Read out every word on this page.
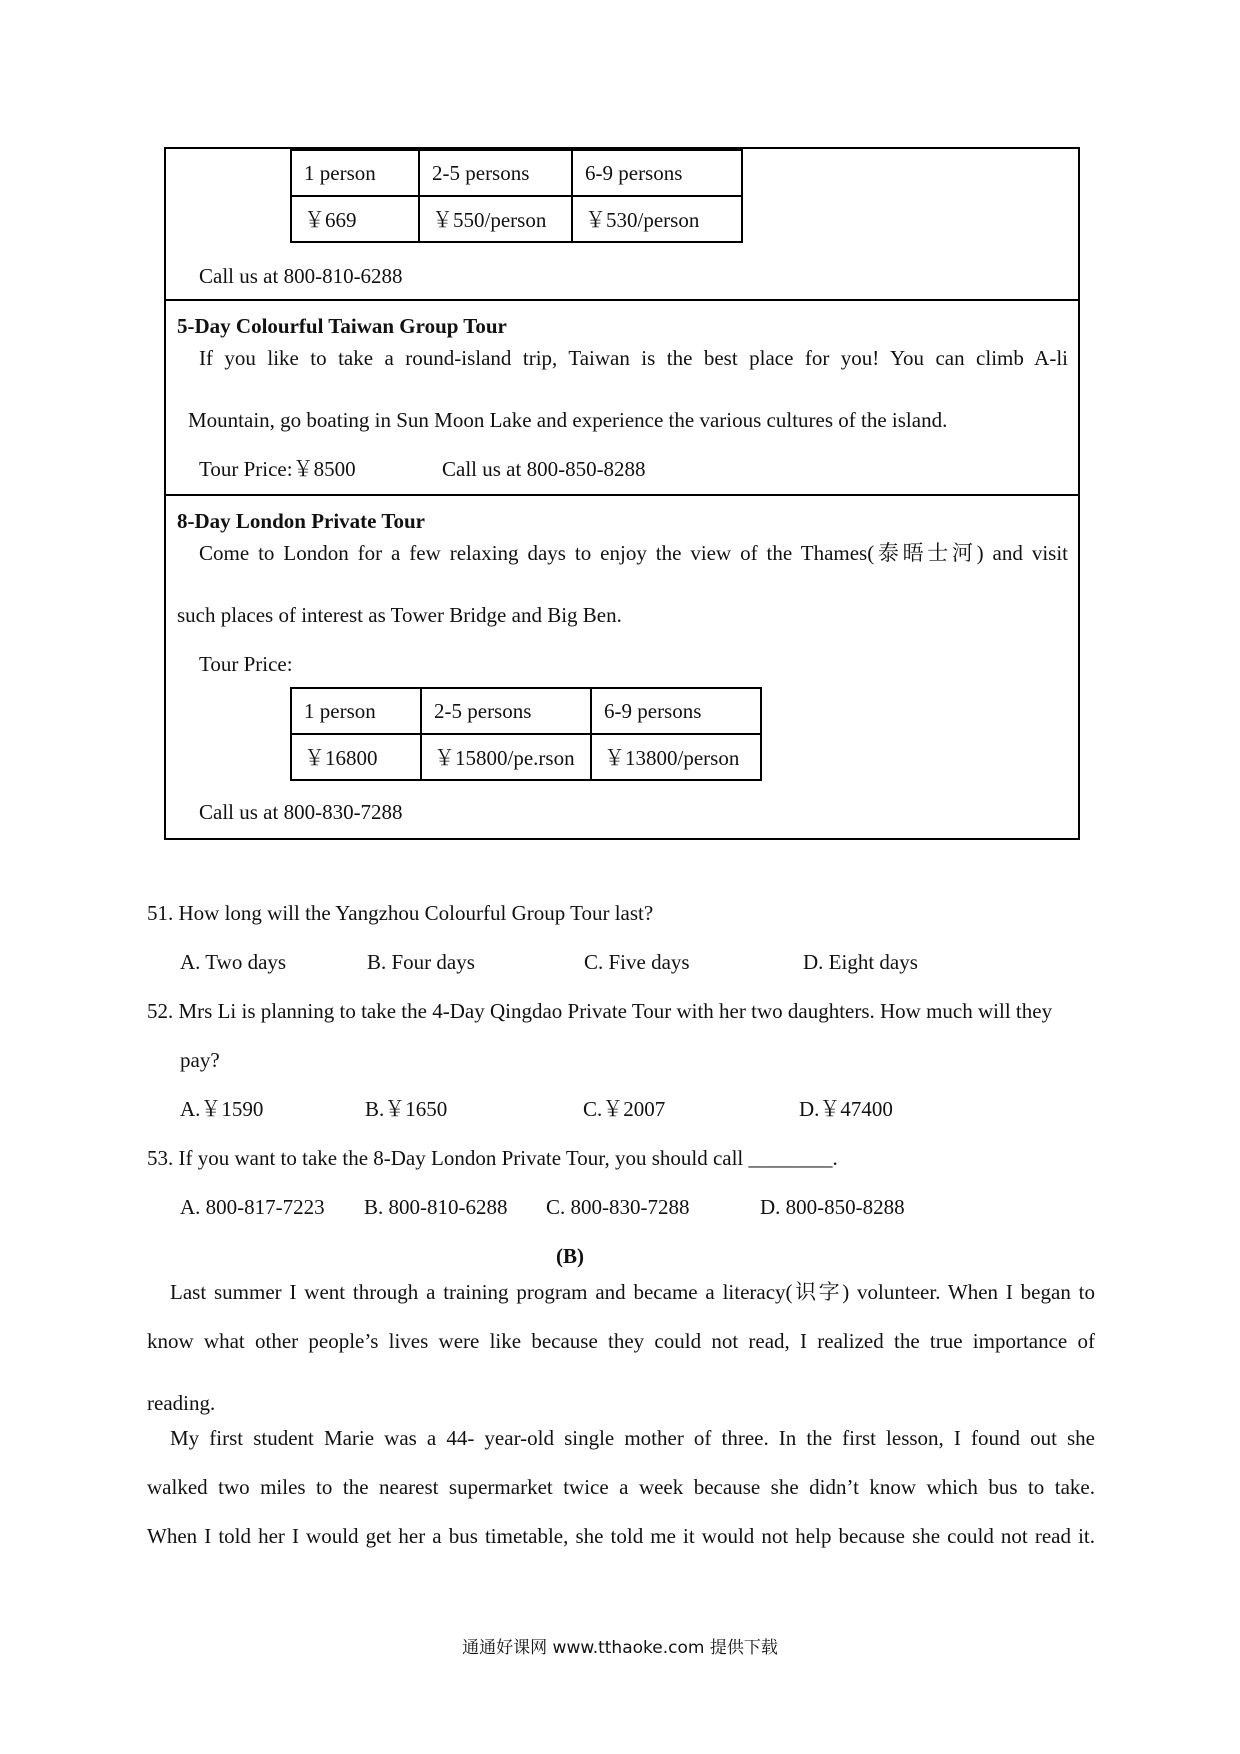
1 person	2-5 persons	6-9 persons
￥669	￥550/person	￥530/person
Call us at 800-810-6288
5-Day Colourful Taiwan Group Tour
If you like to take a round-island trip, Taiwan is the best place for you! You can climb A-li
Mountain, go boating in Sun Moon Lake and experience the various cultures of the island.
Tour Price:￥8500	Call us at 800-850-8288
8-Day London Private Tour
Come to London for a few relaxing days to enjoy the view of the Thames(泰晤士河) and visit
such places of interest as Tower Bridge and Big Ben.
Tour Price:
1 person	2-5 persons	6-9 persons
￥16800	￥15800/pe.rson	￥13800/person
Call us at 800-830-7288
51. How long will the Yangzhou Colourful Group Tour last?
A. Two days	B. Four days	C. Five days	D. Eight days
52. Mrs Li is planning to take the 4-Day Qingdao Private Tour with her two daughters. How much will they
pay?
A.￥1590	B.￥1650	C.￥2007	D.￥47400
53. If you want to take the 8-Day London Private Tour, you should call ________.
A. 800-817-7223 B. 800-810-6288 C. 800-830-7288	D. 800-850-8288
(B)
Last summer I went through a training program and became a literacy(识字) volunteer. When I began to
know what other people’s lives were like because they could not read, I realized the true importance of
reading.
My first student Marie was a 44- year-old single mother of three. In the first lesson, I found out she
walked two miles to the nearest supermarket twice a week because she didn’t know which bus to take.
When I told her I would get her a bus timetable, she told me it would not help because she could not read it.
通通好课网 www.tthaoke.com 提供下载
